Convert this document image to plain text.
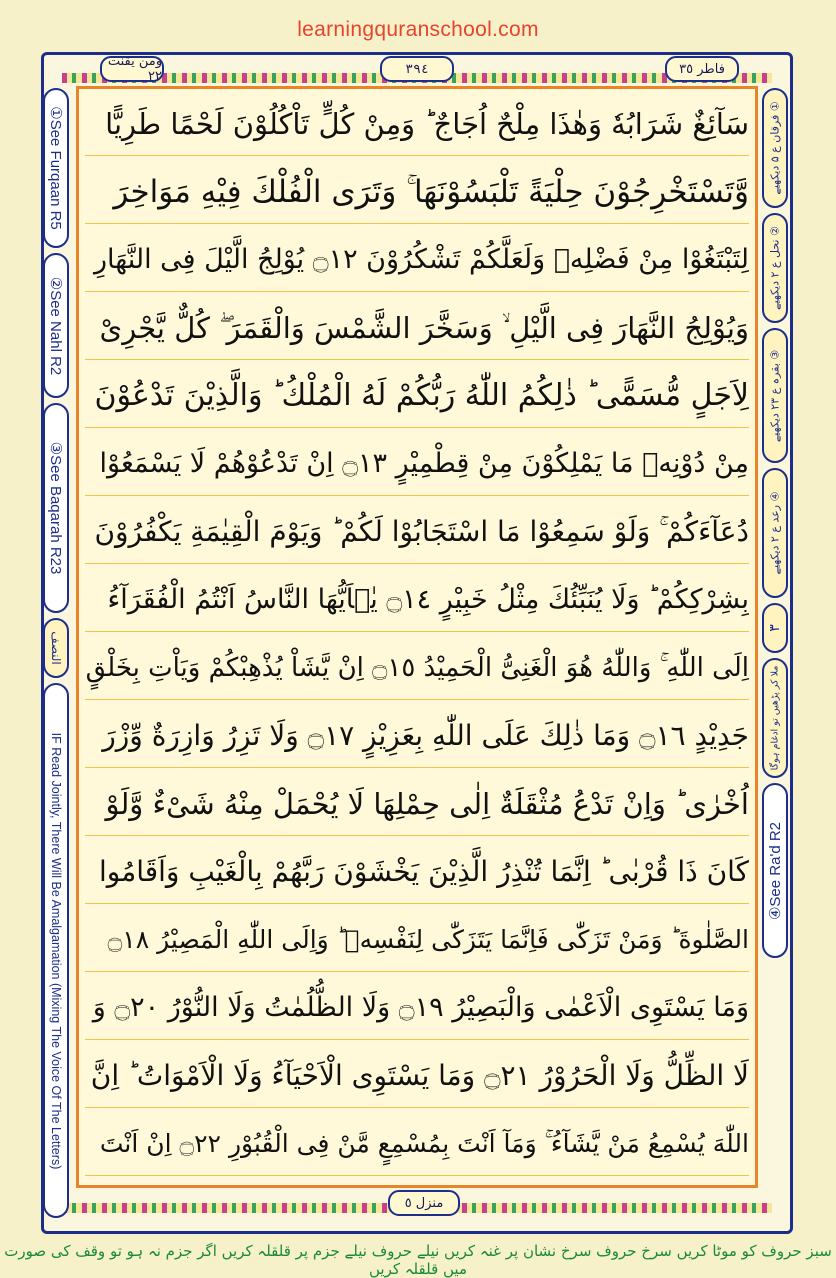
learningquranschool.com
ومن يقنت ٢٢	٣٩٤	فاطر ٣٥
①See Furqaan R5
②See Nahl R2
③See Baqarah R23
النصف
IF Read Jointly, There Will Be Amalgamation (Mixing The Voice Of The Letters)
① فرقان ع ۵ دیکھیے
② نحل ع ۲ دیکھیے
③ بقرہ ع ۲۳ دیکھیے
④ رعد ع ۲ دیکھیے
۳
ملا کر پڑھیں تو ادغام ہوگا
④See Ra'd R2
سَآئِغٌ شَرَابُهٗ وَهٰذَا مِلْحٌ اُجَاجٌ ؕ وَمِنْ كُلٍّ تَاْكُلُوْنَ لَحْمًا طَرِيًّا
وَّتَسْتَخْرِجُوْنَ حِلْيَةً تَلْبَسُوْنَهَا ۚ وَتَرَى الْفُلْكَ فِيْهِ مَوَاخِرَ
لِتَبْتَغُوْا مِنْ فَضْلِهٖ وَلَعَلَّكُمْ تَشْكُرُوْنَ ۝١٢ يُوْلِجُ الَّيْلَ فِى النَّهَارِ
وَيُوْلِجُ النَّهَارَ فِى الَّيْلِ ۙ وَسَخَّرَ الشَّمْسَ وَالْقَمَرَ ۖ كُلٌّ يَّجْرِىْ
لِاَجَلٍ مُّسَمًّى ؕ ذٰلِكُمُ اللّٰهُ رَبُّكُمْ لَهُ الْمُلْكُ ؕ وَالَّذِيْنَ تَدْعُوْنَ
مِنْ دُوْنِهٖ مَا يَمْلِكُوْنَ مِنْ قِطْمِيْرٍ ۝١٣ اِنْ تَدْعُوْهُمْ لَا يَسْمَعُوْا
دُعَآءَكُمْ ۚ وَلَوْ سَمِعُوْا مَا اسْتَجَابُوْا لَكُمْ ؕ وَيَوْمَ الْقِيٰمَةِ يَكْفُرُوْنَ
بِشِرْكِكُمْ ؕ وَلَا يُنَبِّئُكَ مِثْلُ خَبِيْرٍ ۝١٤ يٰۤاَيُّهَا النَّاسُ اَنْتُمُ الْفُقَرَآءُ
اِلَى اللّٰهِ ۚ وَاللّٰهُ هُوَ الْغَنِىُّ الْحَمِيْدُ ۝١٥ اِنْ يَّشَاْ يُذْهِبْكُمْ وَيَاْتِ بِخَلْقٍ
جَدِيْدٍ ۝١٦ وَمَا ذٰلِكَ عَلَى اللّٰهِ بِعَزِيْزٍ ۝١٧ وَلَا تَزِرُ وَازِرَةٌ وِّزْرَ
اُخْرٰى ؕ وَاِنْ تَدْعُ مُثْقَلَةٌ اِلٰى حِمْلِهَا لَا يُحْمَلْ مِنْهُ شَىْءٌ وَّلَوْ
كَانَ ذَا قُرْبٰى ؕ اِنَّمَا تُنْذِرُ الَّذِيْنَ يَخْشَوْنَ رَبَّهُمْ بِالْغَيْبِ وَاَقَامُوا
الصَّلٰوةَ ؕ وَمَنْ تَزَكّٰى فَاِنَّمَا يَتَزَكّٰى لِنَفْسِهٖ ؕ وَاِلَى اللّٰهِ الْمَصِيْرُ ۝١٨
وَمَا يَسْتَوِى الْاَعْمٰى وَالْبَصِيْرُ ۝١٩ وَلَا الظُّلُمٰتُ وَلَا النُّوْرُ ۝٢٠ وَ
لَا الظِّلُّ وَلَا الْحَرُوْرُ ۝٢١ وَمَا يَسْتَوِى الْاَحْيَآءُ وَلَا الْاَمْوَاتُ ؕ اِنَّ
اللّٰهَ يُسْمِعُ مَنْ يَّشَآءُ ۚ وَمَآ اَنْتَ بِمُسْمِعٍ مَّنْ فِى الْقُبُوْرِ ۝٢٢ اِنْ اَنْتَ
منزل ٥
سبز حروف کو موٹا کریں سرخ حروف سرخ نشان پر غنہ کریں نیلے حروف نیلے جزم پر قلقلہ کریں اگر جزم نہ ہو تو وقف کی صورت میں قلقلہ کریں
